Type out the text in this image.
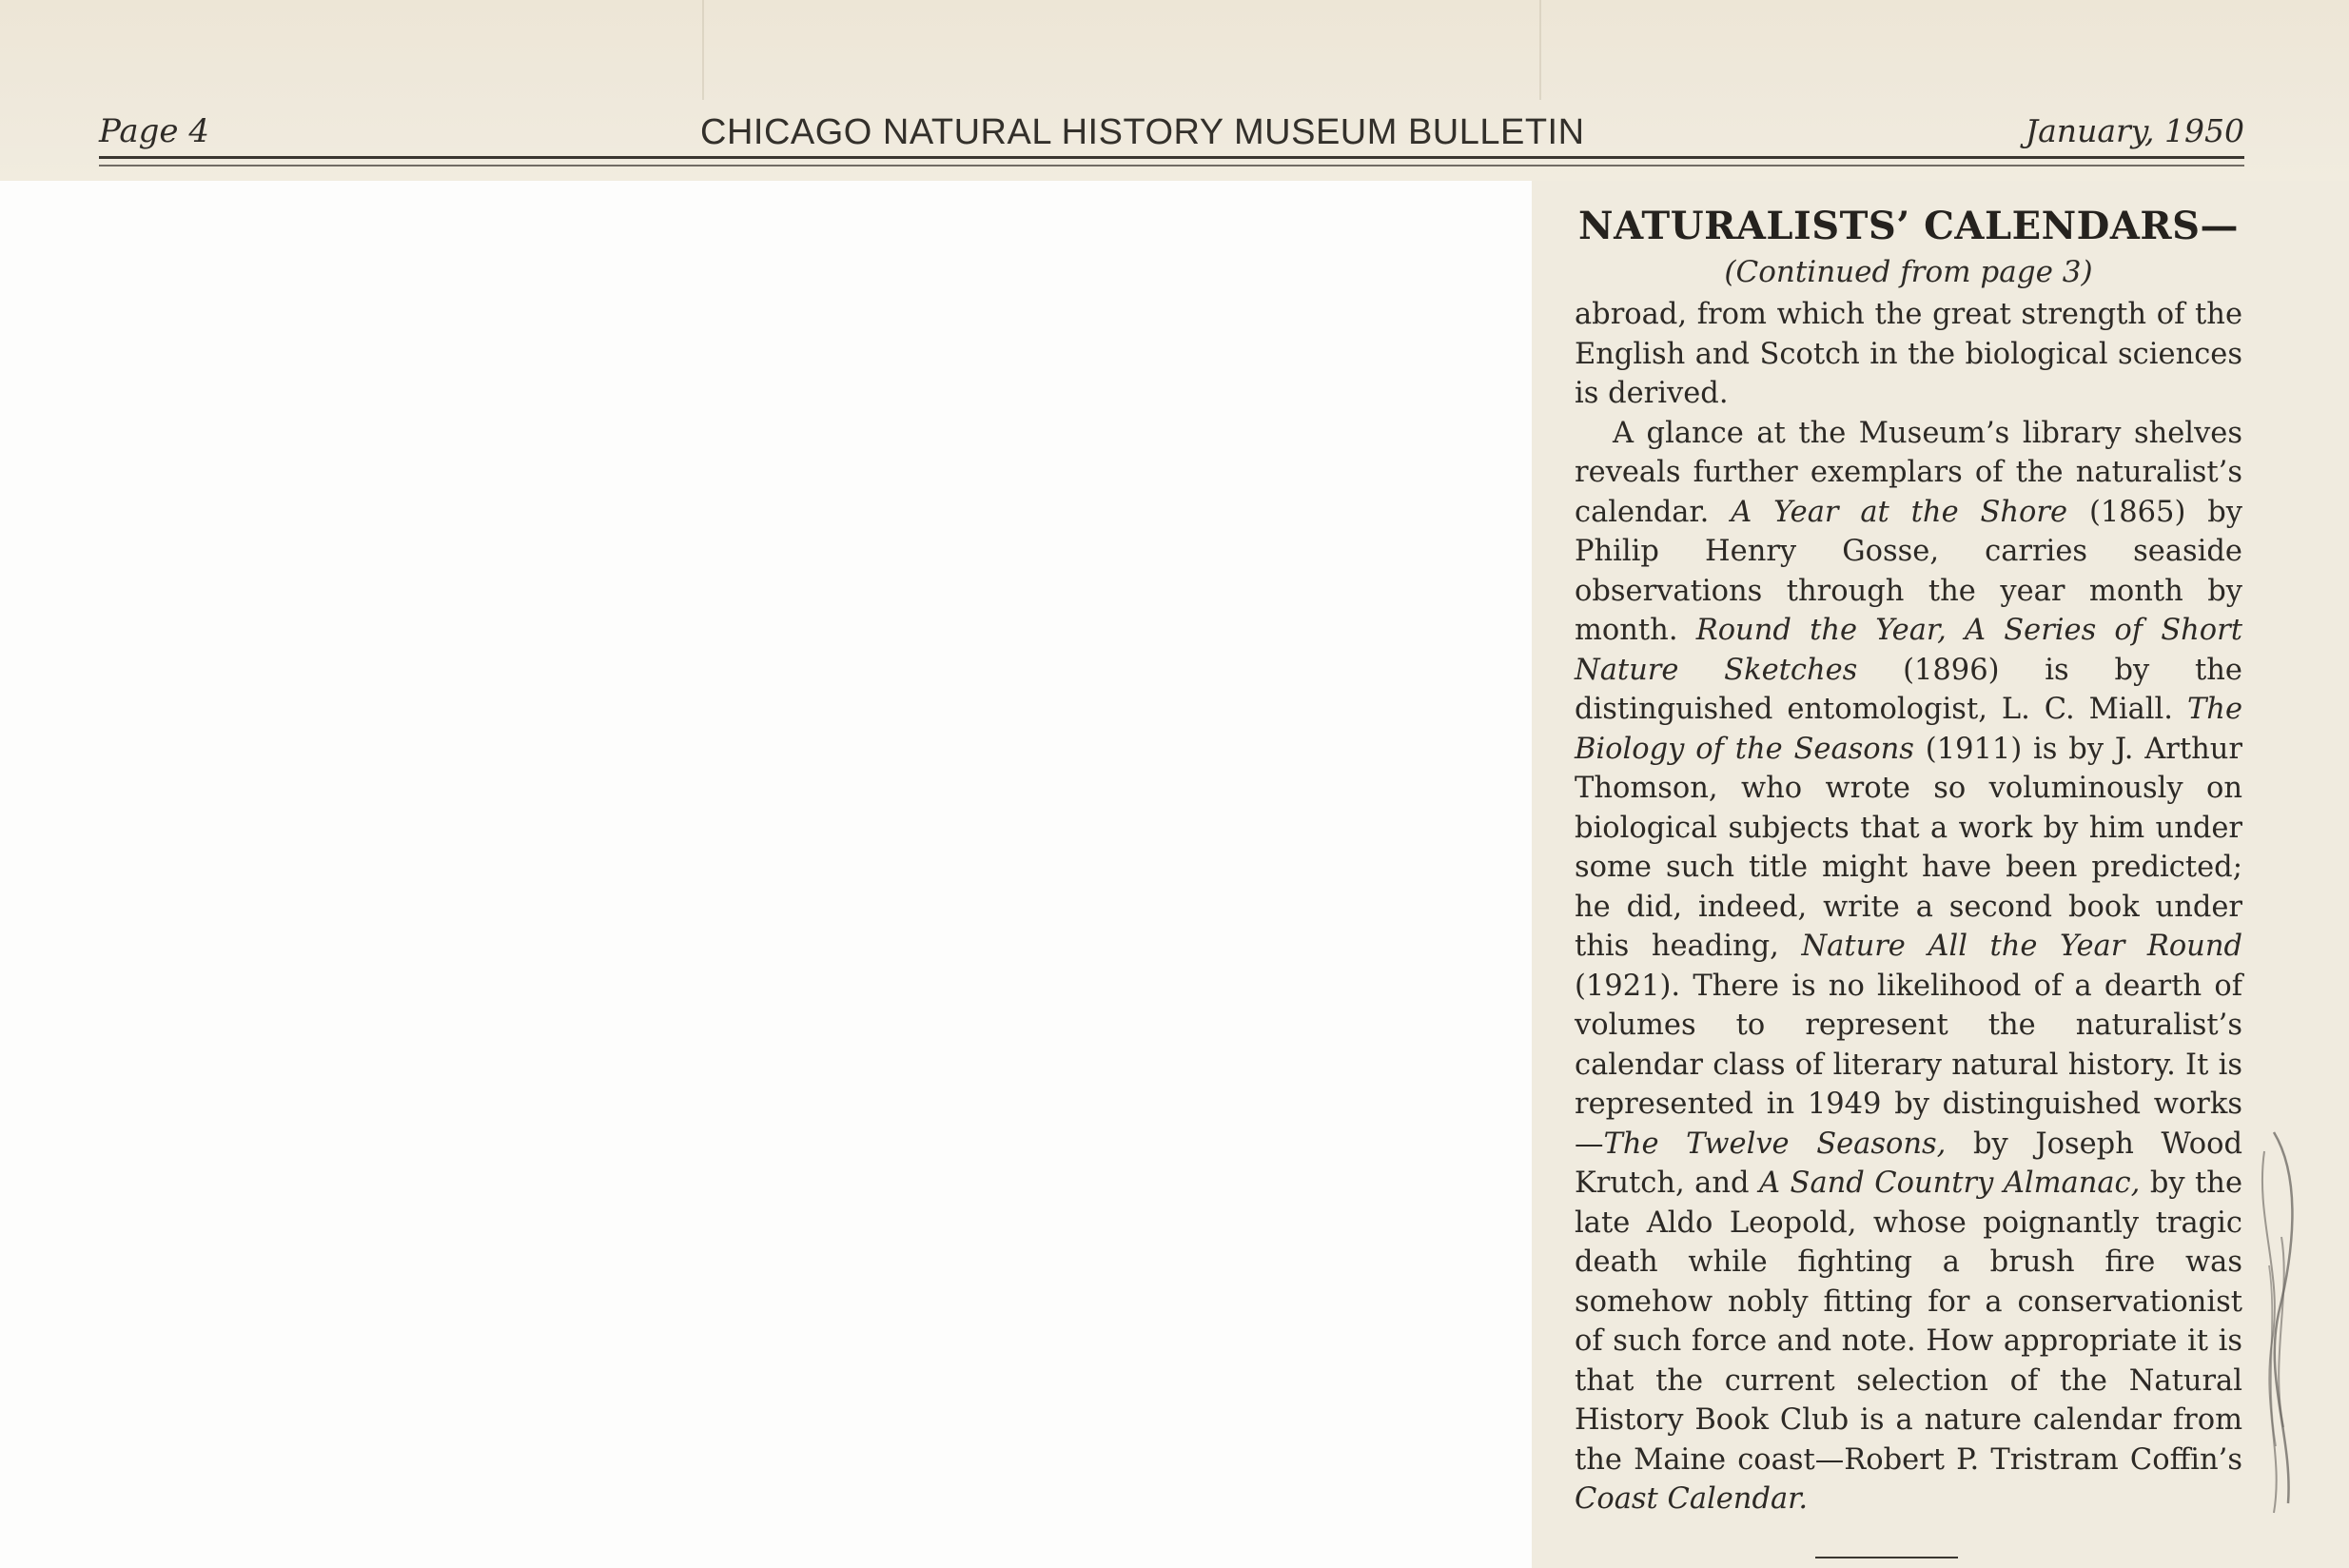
Page 4	CHICAGO NATURAL HISTORY MUSEUM BULLETIN	January, 1950
NATURALISTS’ CALENDARS—
(Continued from page 3)

abroad, from which the great strength of the English and Scotch in the biological sciences is derived.

A glance at the Museum’s library shelves reveals further exemplars of the naturalist’s calendar. A Year at the Shore (1865) by Philip Henry Gosse, carries seaside observations through the year month by month. Round the Year, A Series of Short Nature Sketches (1896) is by the distinguished entomologist, L. C. Miall. The Biology of the Seasons (1911) is by J. Arthur Thomson, who wrote so voluminously on biological subjects that a work by him under some such title might have been predicted; he did, indeed, write a second book under this heading, Nature All the Year Round (1921). There is no likelihood of a dearth of volumes to represent the naturalist’s calendar class of literary natural history. It is represented in 1949 by distinguished works—The Twelve Seasons, by Joseph Wood Krutch, and A Sand Country Almanac, by the late Aldo Leopold, whose poignantly tragic death while fighting a brush fire was somehow nobly fitting for a conservationist of such force and note. How appropriate it is that the current selection of the Natural History Book Club is a nature calendar from the Maine coast—Robert P. Tristram Coffin’s Coast Calendar.
